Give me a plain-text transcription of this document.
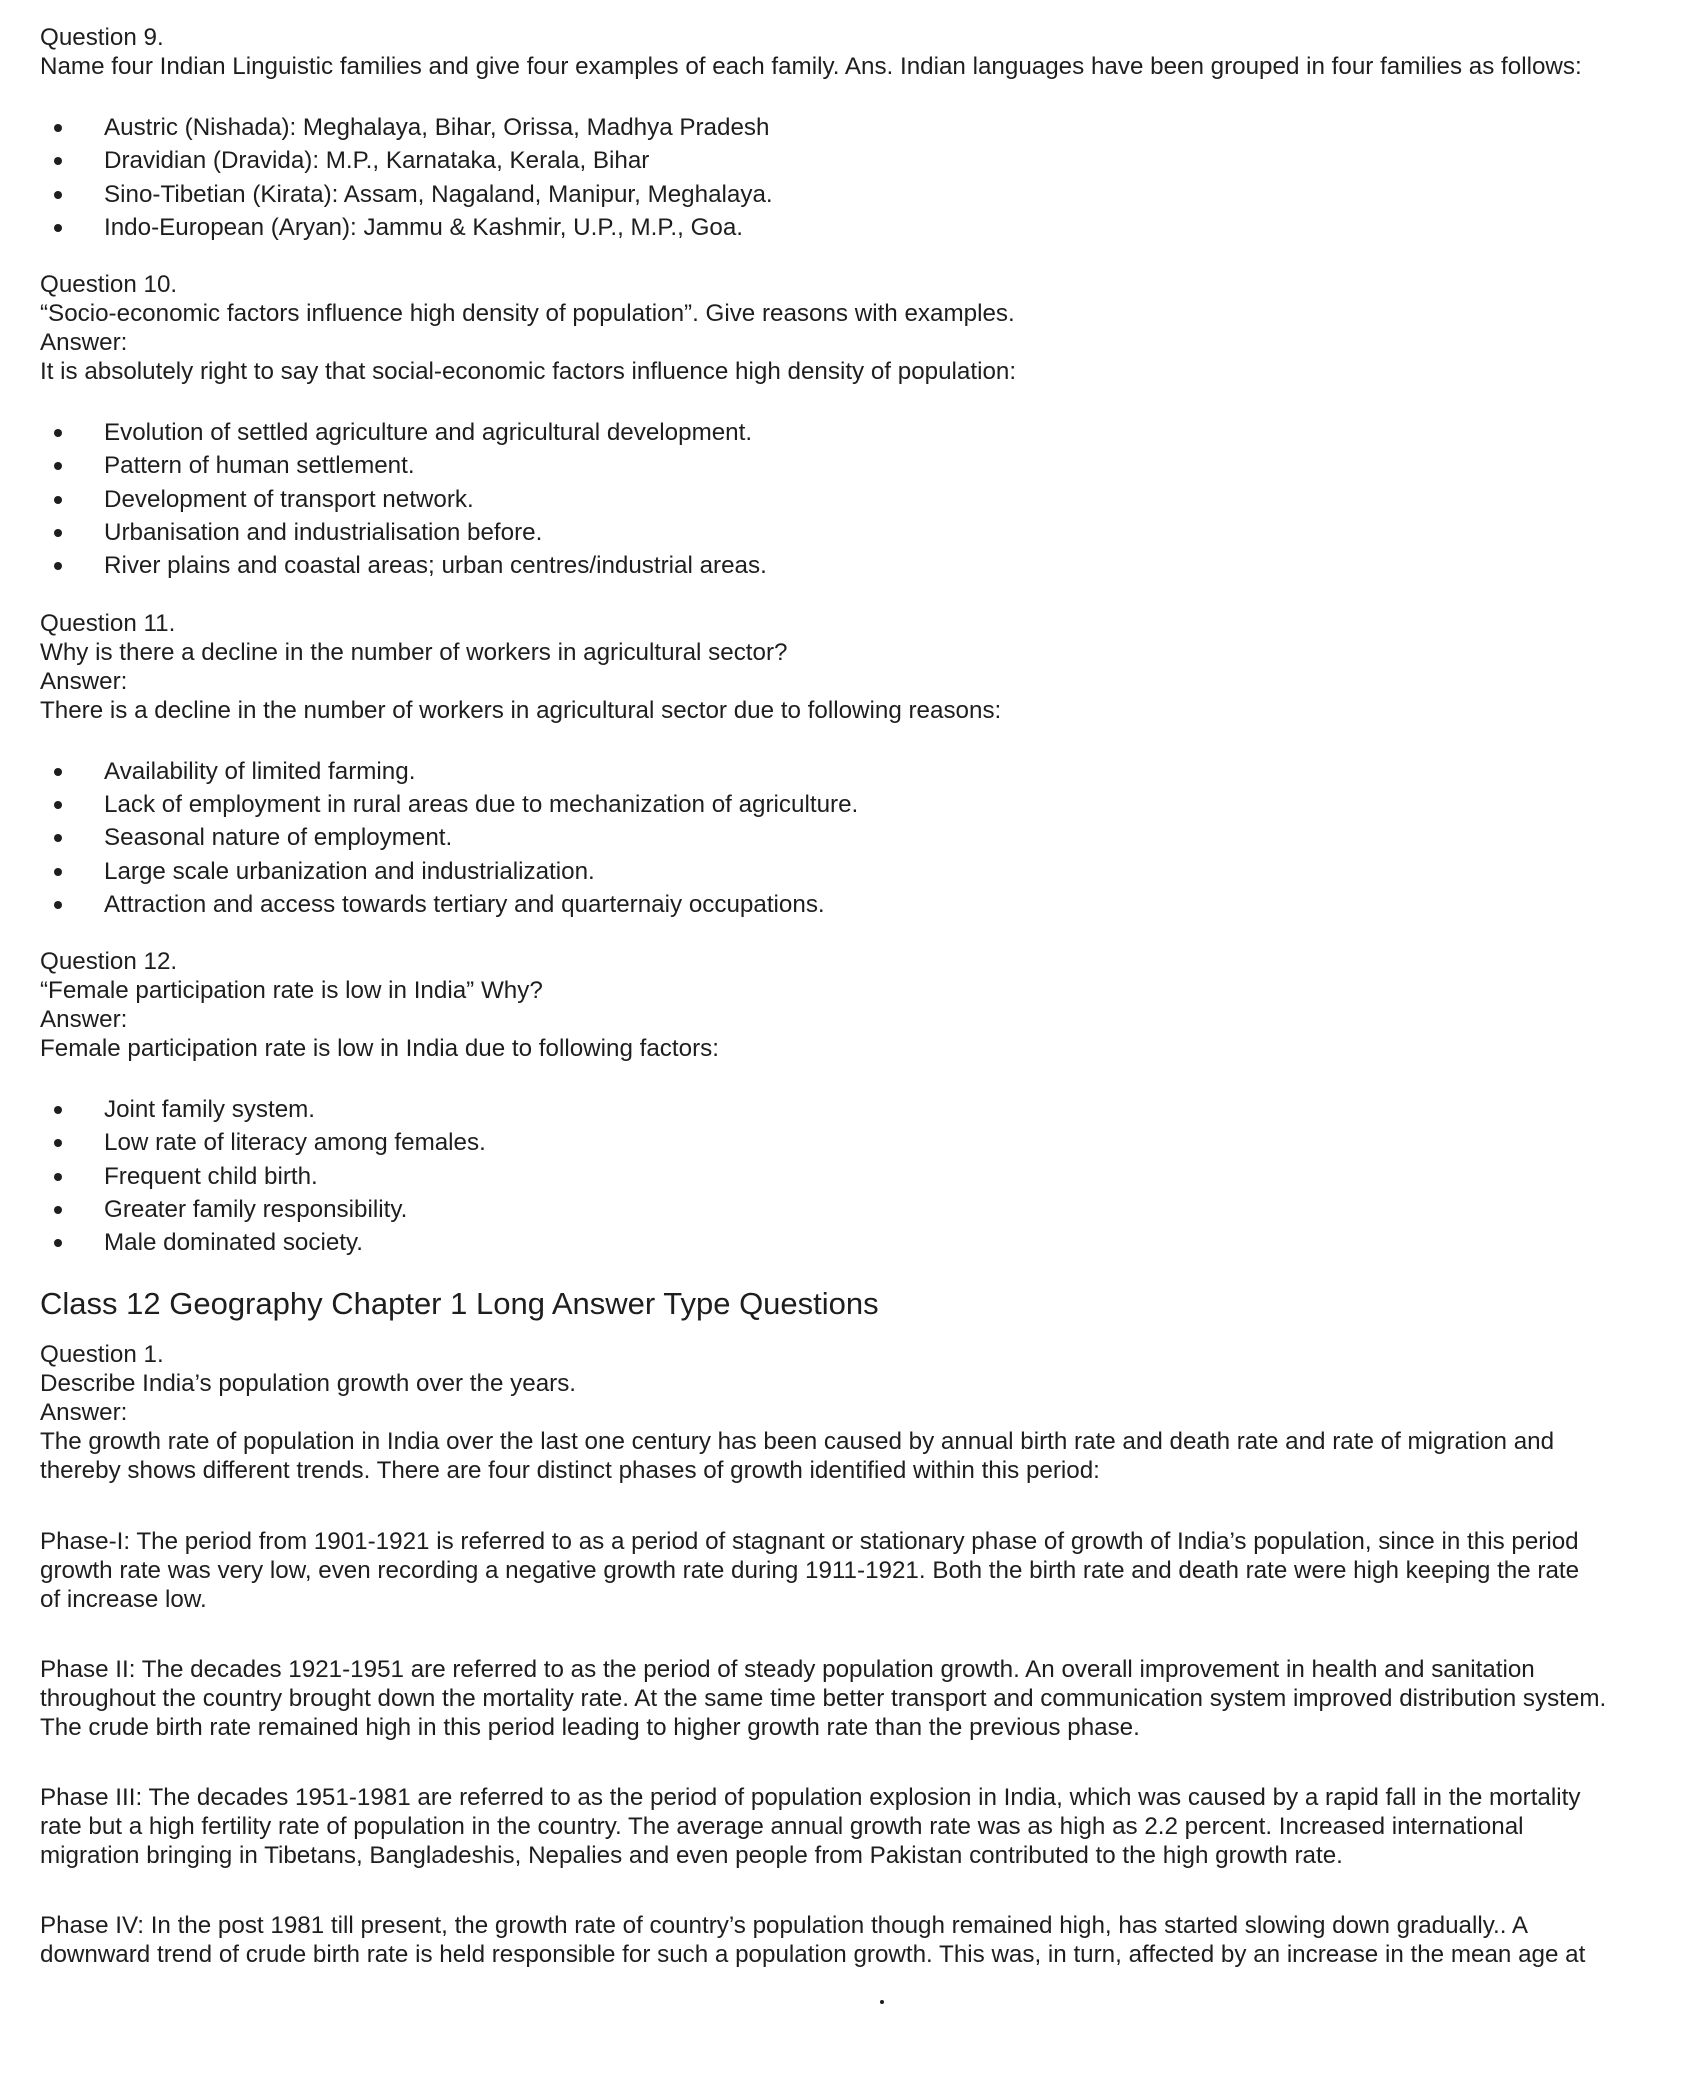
Question 9.
Name four Indian Linguistic families and give four examples of each family. Ans. Indian languages have been grouped in four families as follows:
Austric (Nishada): Meghalaya, Bihar, Orissa, Madhya Pradesh
Dravidian (Dravida): M.P., Karnataka, Kerala, Bihar
Sino-Tibetian (Kirata): Assam, Nagaland, Manipur, Meghalaya.
Indo-European (Aryan): Jammu & Kashmir, U.P., M.P., Goa.
Question 10.
“Socio-economic factors influence high density of population”. Give reasons with examples.
Answer:
It is absolutely right to say that social-economic factors influence high density of population:
Evolution of settled agriculture and agricultural development.
Pattern of human settlement.
Development of transport network.
Urbanisation and industrialisation before.
River plains and coastal areas; urban centres/industrial areas.
Question 11.
Why is there a decline in the number of workers in agricultural sector?
Answer:
There is a decline in the number of workers in agricultural sector due to following reasons:
Availability of limited farming.
Lack of employment in rural areas due to mechanization of agriculture.
Seasonal nature of employment.
Large scale urbanization and industrialization.
Attraction and access towards tertiary and quarternaiy occupations.
Question 12.
“Female participation rate is low in India” Why?
Answer:
Female participation rate is low in India due to following factors:
Joint family system.
Low rate of literacy among females.
Frequent child birth.
Greater family responsibility.
Male dominated society.
Class 12 Geography Chapter 1 Long Answer Type Questions
Question 1.
Describe India’s population growth over the years.
Answer:
The growth rate of population in India over the last one century has been caused by annual birth rate and death rate and rate of migration and
thereby shows different trends. There are four distinct phases of growth identified within this period:
Phase-I: The period from 1901-1921 is referred to as a period of stagnant or stationary phase of growth of India’s population, since in this period
growth rate was very low, even recording a negative growth rate during 1911-1921. Both the birth rate and death rate were high keeping the rate
of increase low.
Phase II: The decades 1921-1951 are referred to as the period of steady population growth. An overall improvement in health and sanitation
throughout the country brought down the mortality rate. At the same time better transport and communication system improved distribution system.
The crude birth rate remained high in this period leading to higher growth rate than the previous phase.
Phase III: The decades 1951-1981 are referred to as the period of population explosion in India, which was caused by a rapid fall in the mortality
rate but a high fertility rate of population in the country. The average annual growth rate was as high as 2.2 percent. Increased international
migration bringing in Tibetans, Bangladeshis, Nepalies and even people from Pakistan contributed to the high growth rate.
Phase IV: In the post 1981 till present, the growth rate of country’s population though remained high, has started slowing down gradually.. A
downward trend of crude birth rate is held responsible for such a population growth. This was, in turn, affected by an increase in the mean age at
